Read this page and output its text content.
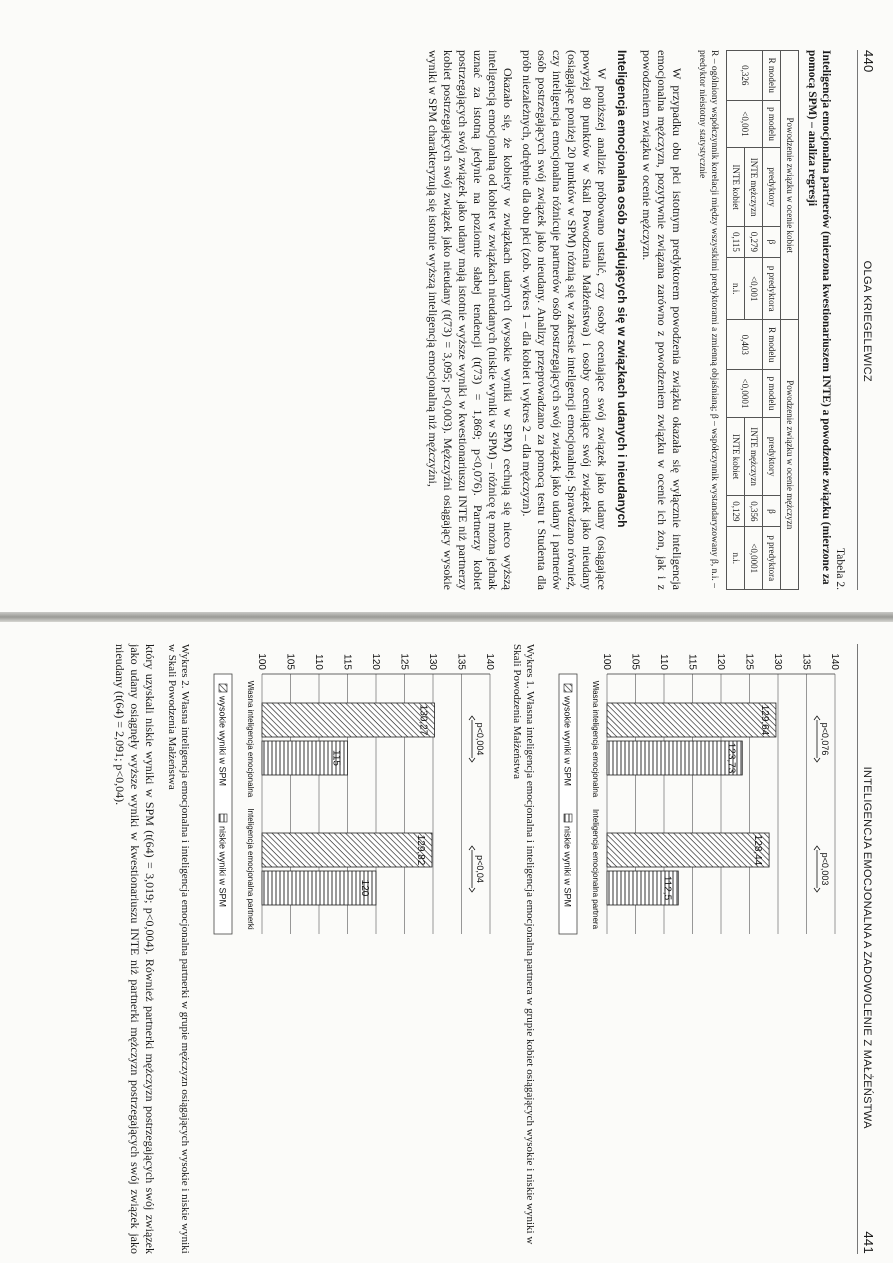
440
OLGA KRIEGELEWICZ
Tabela 2.
Inteligencja emocjonalna partnerów (mierzona kwestionariuszem INTE) a powodzenie związku (mierzone za pomocą SPM) – analiza regresji
Powodzenie związku w ocenie kobiet					Powodzenie związku w ocenie mężczyzn				
R modelu	p modelu	predyktory	β	p predyktora	R modelu	p modelu	predyktory	β	p predyktora
0,326	<0,001	INTE mężczyzn	0,279	<0,001	0,403	<0,0001	INTE mężczyzn	0,356	<0,0001
		INTE kobiet	0,115	n.i.			INTE kobiet	0,129	n.i.
R – ogólniony współczynnik korelacji między wszystkimi predyktorami a zmienną objaśnianą; β – współczynnik wystandaryzowany β, n.i. – predyktor nieistotny statystycznie

W przypadku obu płci istotnym predyktorem powodzenia związku okazała się wyłącznie inteligencja emocjonalna mężczyzn, pozytywnie związana zarówno z powodzeniem związku w ocenie ich żon, jak i z powodzeniem związku w ocenie mężczyzn.

Inteligencja emocjonalna osób znajdujących się w związkach udanych i nieudanych

W poniższej analizie próbowano ustalić, czy osoby oceniające swój związek jako udany (osiągające powyżej 80 punktów w Skali Powodzenia Małżeństwa) i osoby oceniające swój związek jako nieudany (osiągające poniżej 20 punktów w SPM) różnią się w zakresie inteligencji emocjonalnej. Sprawdzano również, czy inteligencja emocjonalna różnicuje partnerów osób postrzegających swój związek jako udany i partnerów osób postrzegających swój związek jako nieudany. Analizy przeprowadzano za pomocą testu t Studenta dla prób niezależnych, odrębnie dla obu płci (zob. wykres 1 – dla kobiet i wykres 2 – dla mężczyzn).

Okazało się, że kobiety w związkach udanych (wysokie wyniki w SPM) cechują się nieco wyższą inteligencją emocjonalną od kobiet w związkach nieudanych (niskie wyniki w SPM) – różnicę tę można jednak uznać za istotną jedynie na poziomie słabej tendencji (t(73) = 1,869; p<0,076). Partnerzy kobiet postrzegających swój związek jako udany mają istotnie wyższe wyniki w kwestionariuszu INTE niż partnerzy kobiet postrzegających swój związek jako nieudany (t(73) = 3,095; p<0,003). Mężczyźni osiągający wysokie wyniki w SPM charakteryzują się istotnie wyższą inteligencją emocjonalną niż mężczyźni,

INTELIGENCJA EMOCJONALNA A ZADOWOLENIE Z MAŁŻEŃSTWA
441
100 105 110 115 120 125 130 135 140
129,64
123,73
p<0,076
Własna inteligencja emocjonalna
128,44
112,5
p<0,003
Inteligencja emocjonalna partnera
wysokie wyniki w SPM
niskie wyniki w SPM
Wykres 1. Własna inteligencja emocjonalna i inteligencja emocjonalna partnera w grupie kobiet osiągających wysokie i niskie wyniki w Skali Powodzenia Małżeństwa
100 105 110 115 120 125 130 135 140
130,27
115
p<0,004
Własna inteligencja emocjonalna
129,82
120
p<0,04
Inteligencja emocjonalna partnerki
wysokie wyniki w SPM
niskie wyniki w SPM
Wykres 2. Własna inteligencja emocjonalna i inteligencja emocjonalna partnerki w grupie mężczyzn osiągających wysokie i niskie wyniki w Skali Powodzenia Małżeństwa
który uzyskali niskie wyniki w SPM (t(64) = 3,019; p<0,004). Również partnerki mężczyzn postrzegających swój związek jako udany osiągnęły wyższe wyniki w kwestionariuszu INTE niż partnerki mężczyzn postrzegających swój związek jako nieudany (t(64) = 2,091; p<0,04).
